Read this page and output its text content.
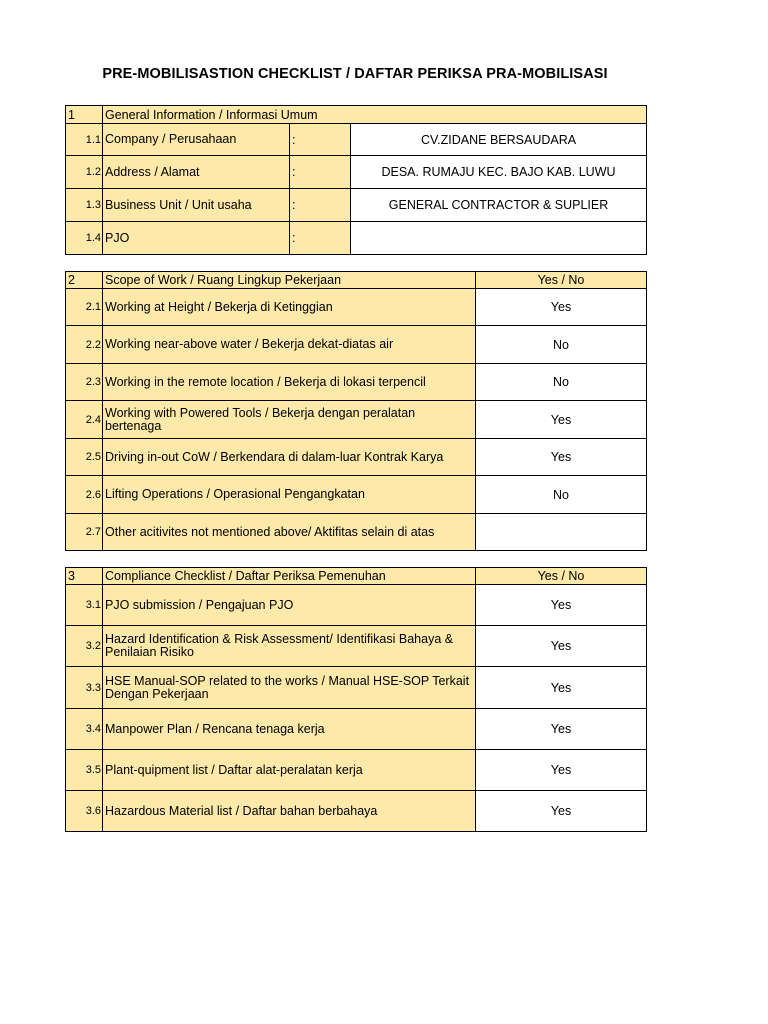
PRE-MOBILISASTION CHECKLIST / DAFTAR PERIKSA PRA-MOBILISASI
1	General Information / Informasi Umum		
1.1	Company / Perusahaan	:	CV.ZIDANE BERSAUDARA
1.2	Address / Alamat	:	DESA. RUMAJU KEC. BAJO KAB. LUWU
1.3	Business Unit / Unit usaha	:	GENERAL CONTRACTOR & SUPLIER
1.4	PJO	:	
2	Scope of Work / Ruang Lingkup Pekerjaan	Yes / No
2.1	Working at Height / Bekerja di Ketinggian	Yes
2.2	Working near-above water / Bekerja dekat-diatas air	No
2.3	Working in the remote location / Bekerja di lokasi terpencil	No
2.4	Working with Powered Tools / Bekerja dengan peralatan bertenaga	Yes
2.5	Driving in-out CoW / Berkendara di dalam-luar Kontrak Karya	Yes
2.6	Lifting Operations / Operasional Pengangkatan	No
2.7	Other acitivites not mentioned above/ Aktifitas selain di atas	
3	Compliance Checklist / Daftar Periksa Pemenuhan	Yes / No
3.1	PJO submission / Pengajuan PJO	Yes
3.2	Hazard Identification & Risk Assessment/ Identifikasi Bahaya & Penilaian Risiko	Yes
3.3	HSE Manual-SOP related to the works / Manual HSE-SOP Terkait Dengan Pekerjaan	Yes
3.4	Manpower Plan / Rencana tenaga kerja	Yes
3.5	Plant-quipment list / Daftar alat-peralatan kerja	Yes
3.6	Hazardous Material list / Daftar bahan berbahaya	Yes
